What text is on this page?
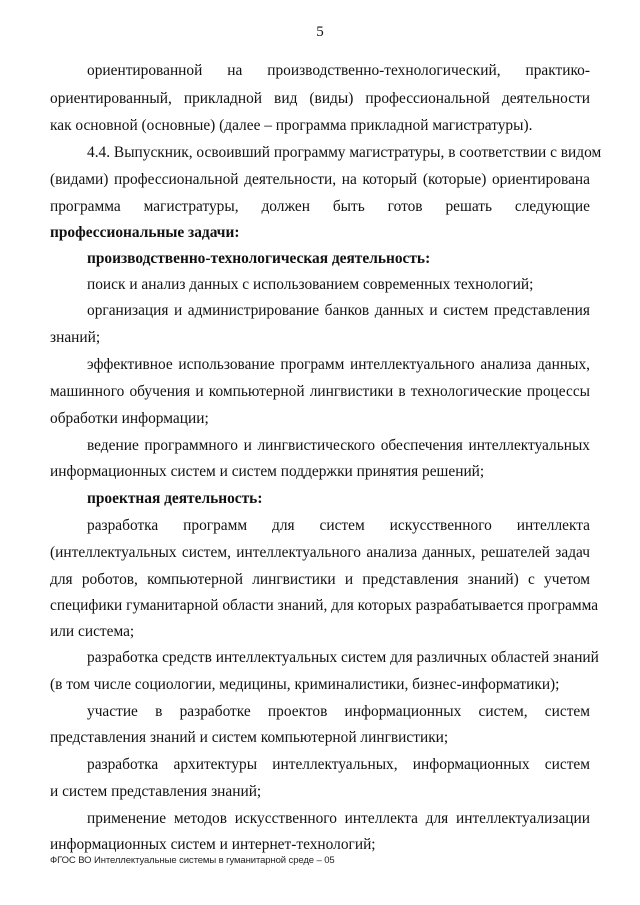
5
ориентированной на производственно-технологический, практико-
ориентированный, прикладной вид (виды) профессиональной деятельности
как основной (основные) (далее – программа прикладной магистратуры).
4.4. Выпускник, освоивший программу магистратуры, в соответствии с видом
(видами) профессиональной деятельности, на который (которые) ориентирована
программа магистратуры, должен быть готов решать следующие
профессиональные задачи:
производственно-технологическая деятельность:
поиск и анализ данных с использованием современных технологий;
организация и администрирование банков данных и систем представления
знаний;
эффективное использование программ интеллектуального анализа данных,
машинного обучения и компьютерной лингвистики в технологические процессы
обработки информации;
ведение программного и лингвистического обеспечения интеллектуальных
информационных систем и систем поддержки принятия решений;
проектная деятельность:
разработка программ для систем искусственного интеллекта
(интеллектуальных систем, интеллектуального анализа данных, решателей задач
для роботов, компьютерной лингвистики и представления знаний) с учетом
специфики гуманитарной области знаний, для которых разрабатывается программа
или система;
разработка средств интеллектуальных систем для различных областей знаний
(в том числе социологии, медицины, криминалистики, бизнес-информатики);
участие в разработке проектов информационных систем, систем
представления знаний и систем компьютерной лингвистики;
разработка архитектуры интеллектуальных, информационных систем
и систем представления знаний;
применение методов искусственного интеллекта для интеллектуализации
информационных систем и интернет-технологий;
ФГОС ВО Интеллектуальные системы в гуманитарной среде – 05
